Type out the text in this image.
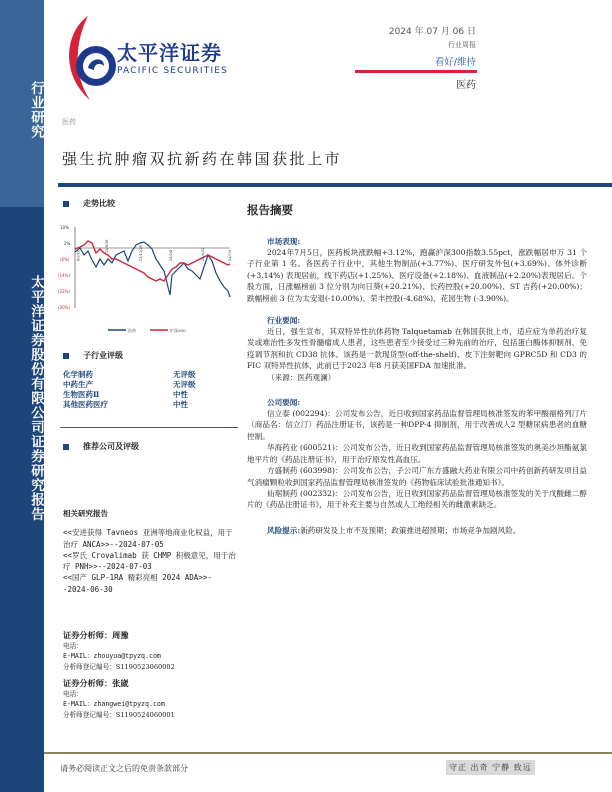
行业研究
太平洋证券股份有限公司证券研究报告
太平洋证券
PACIFIC SECURITIES
2024 年 07 月 06 日
行业周报
看好/维持
医药
医药
强生抗肿瘤双抗新药在韩国获批上市
走势比较
10%
2%
(6%)
(14%)
(22%)
(30%)
23/7/6
23/9/16	23/11/28	24/2/8	24/4/22	24/7/4
医药	沪深300
子行业评级
化学制药	无评级
中药生产	无评级
生物医药Ⅱ	中性
其他医药医疗	中性
推荐公司及评级
相关研究报告
<<安进获得 Tavneos 亚洲等地商业化权益，用于治疗 ANCA>>--2024-07-05
<<罗氏 Crovalimab 获 CHMP 积极意见，用于治疗 PNH>>--2024-07-03
<<国产 GLP-1RA 精彩亮相 2024 ADA>>--2024-06-30
证券分析师：周豫
电话：
E-MAIL：zhouyua@tpyzq.com
分析师登记编号：S1190523060002
证券分析师：张崴
电话：
E-MAIL：zhangwei@tpyzq.com
分析师登记编号：S1190524060001
报告摘要
市场表现:
2024年7月5日，医药板块涨跌幅+3.12%，跑赢沪深300指数3.55pct，涨跌幅居申万 31 个子行业第 1 名。各医药子行业中，其他生物制品(+3.77%)、医疗研发外包(+3.69%)、体外诊断 (+3.14%) 表现居前，线下药店(+1.25%)、医疗设备(+2.18%)、血液制品(+2.20%)表现居后。个股方面，日涨幅榜前 3 位分别为向日葵(+20.21%)、长药控股(+20.00%)、ST 吉药(+20.00%)；跌幅榜前 3 位为太安退(-10.00%)、荣丰控股(-4.68%)、花园生物 (-3.90%)。
行业要闻:
近日，强生宣布，其双特异性抗体药物 Talquetamab 在韩国获批上市，适应症为单药治疗复发或难治性多发性骨髓瘤成人患者，这些患者至少接受过三种先前的治疗，包括蛋白酶体抑制剂、免疫调节剂和抗 CD38 抗体。该药是一款现货型(off-the-shelf)、皮下注射靶向 GPRC5D 和 CD3 的FIC 双特异性抗体，此前已于2023 年8 月获美国FDA 加速批准。
（来源：医药观澜）
公司要闻:
信立泰 (002294)：公司发布公告，近日收到国家药品监督管理局核准签发的苯甲酸福格列汀片（商品名：信立汀）药品注册证书，该药是一种DPP-4 抑制剂，用于改善成人2 型糖尿病患者的血糖控制。
华海药业 (600521)：公司发布公告，近日收到国家药品监督管理局核准签发的奥美沙坦酯氨氯地平片的《药品注册证书》，用于治疗原发性高血压。
方盛制药 (603998)：公司发布公告，子公司广东方盛融大药业有限公司中药创新药研发项目益气消瘤颗粒收到国家药品监督管理局核准签发的《药物临床试验批准通知书》。
仙琚制药 (002332)：公司发布公告，近日收到国家药品监督管理局核准签发的关于戊酸雌二醇片的《药品注册证书》，用于补充主要与自然或人工绝经相关的雌激素缺乏。
风险提示:新药研发及上市不及预期；政策推进超预期；市场竞争加剧风险。
请务必阅读正文之后的免责条款部分	守正 出奇 宁静 致远
